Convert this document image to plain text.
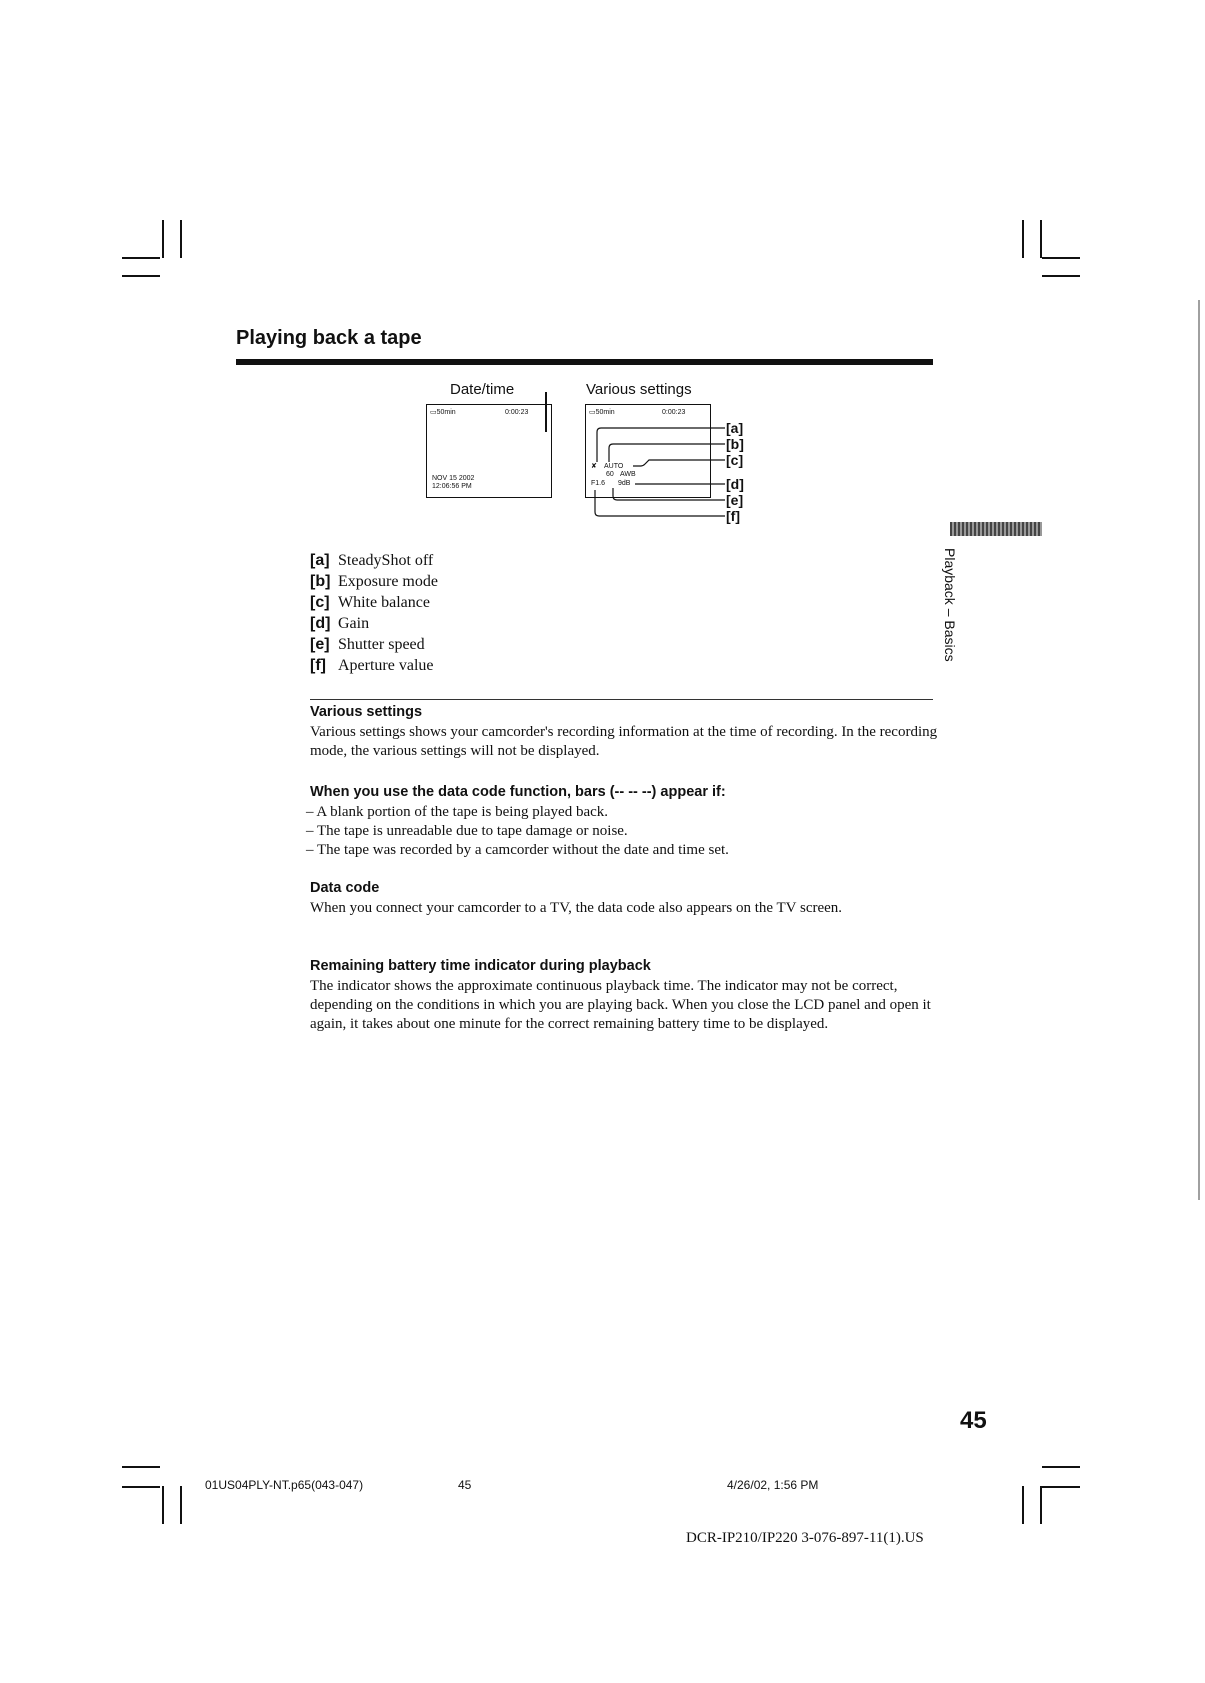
Playing back a tape
Date/time	Various settings
▭50min	0:00:23
NOV 15 2002
12:06:56 PM
▭50min	0:00:23
✘ AUTO
60 AWB
F1.6 9dB
[a]
[b]
[c]
[d]
[e]
[f]
[a] SteadyShot off
[b] Exposure mode
[c] White balance
[d] Gain
[e] Shutter speed
[f] Aperture value
Various settings
Various settings shows your camcorder's recording information at the time of recording. In the recording mode, the various settings will not be displayed.
When you use the data code function, bars (-- -- --) appear if:
– A blank portion of the tape is being played back.
– The tape is unreadable due to tape damage or noise.
– The tape was recorded by a camcorder without the date and time set.
Data code
When you connect your camcorder to a TV, the data code also appears on the TV screen.
Remaining battery time indicator during playback
The indicator shows the approximate continuous playback time. The indicator may not be correct, depending on the conditions in which you are playing back. When you close the LCD panel and open it again, it takes about one minute for the correct remaining battery time to be displayed.
Playback – Basics
45
01US04PLY-NT.p65(043-047)	45	4/26/02, 1:56 PM
DCR-IP210/IP220 3-076-897-11(1).US
